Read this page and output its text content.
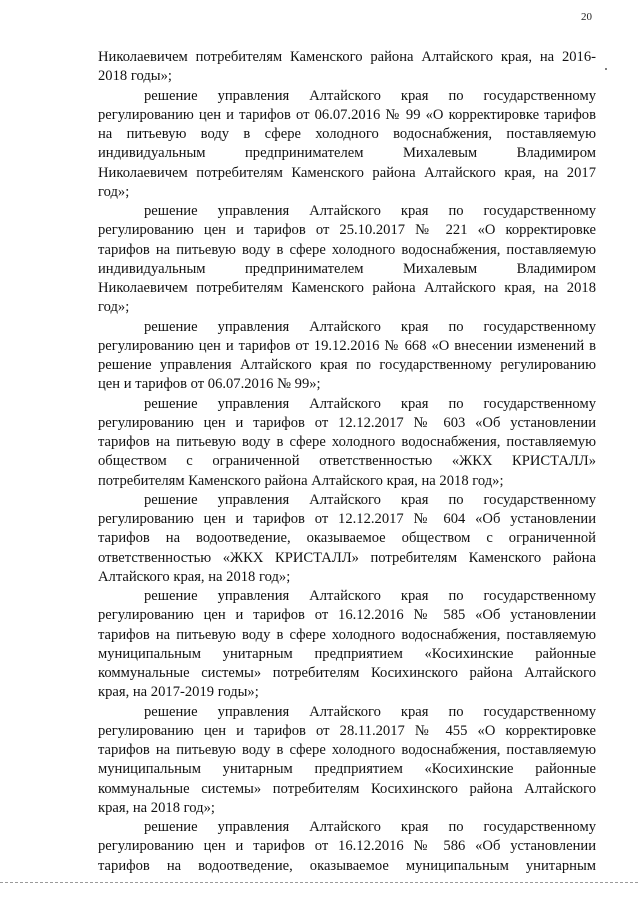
20

Николаевичем потребителям Каменского района Алтайского края, на 2016-
2018 годы»;

решение управления Алтайского края по государственному
регулированию цен и тарифов от 06.07.2016 № 99 «О корректировке тарифов
на питьевую воду в сфере холодного водоснабжения, поставляемую
индивидуальным предпринимателем Михалевым Владимиром
Николаевичем потребителям Каменского района Алтайского края, на 2017
год»;

решение управления Алтайского края по государственному
регулированию цен и тарифов от 25.10.2017 № 221 «О корректировке
тарифов на питьевую воду в сфере холодного водоснабжения, поставляемую
индивидуальным предпринимателем Михалевым Владимиром
Николаевичем потребителям Каменского района Алтайского края, на 2018
год»;

решение управления Алтайского края по государственному
регулированию цен и тарифов от 19.12.2016 № 668 «О внесении изменений в
решение управления Алтайского края по государственному регулированию
цен и тарифов от 06.07.2016 № 99»;

решение управления Алтайского края по государственному
регулированию цен и тарифов от 12.12.2017 № 603 «Об установлении
тарифов на питьевую воду в сфере холодного водоснабжения, поставляемую
обществом с ограниченной ответственностью «ЖКХ КРИСТАЛЛ»
потребителям Каменского района Алтайского края, на 2018 год»;

решение управления Алтайского края по государственному
регулированию цен и тарифов от 12.12.2017 № 604 «Об установлении
тарифов на водоотведение, оказываемое обществом с ограниченной
ответственностью «ЖКХ КРИСТАЛЛ» потребителям Каменского района
Алтайского края, на 2018 год»;

решение управления Алтайского края по государственному
регулированию цен и тарифов от 16.12.2016 № 585 «Об установлении
тарифов на питьевую воду в сфере холодного водоснабжения, поставляемую
муниципальным унитарным предприятием «Косихинские районные
коммунальные системы» потребителям Косихинского района Алтайского
края, на 2017-2019 годы»;

решение управления Алтайского края по государственному
регулированию цен и тарифов от 28.11.2017 № 455 «О корректировке
тарифов на питьевую воду в сфере холодного водоснабжения, поставляемую
муниципальным унитарным предприятием «Косихинские районные
коммунальные системы» потребителям Косихинского района Алтайского
края, на 2018 год»;

решение управления Алтайского края по государственному
регулированию цен и тарифов от 16.12.2016 № 586 «Об установлении
тарифов на водоотведение, оказываемое муниципальным унитарным
